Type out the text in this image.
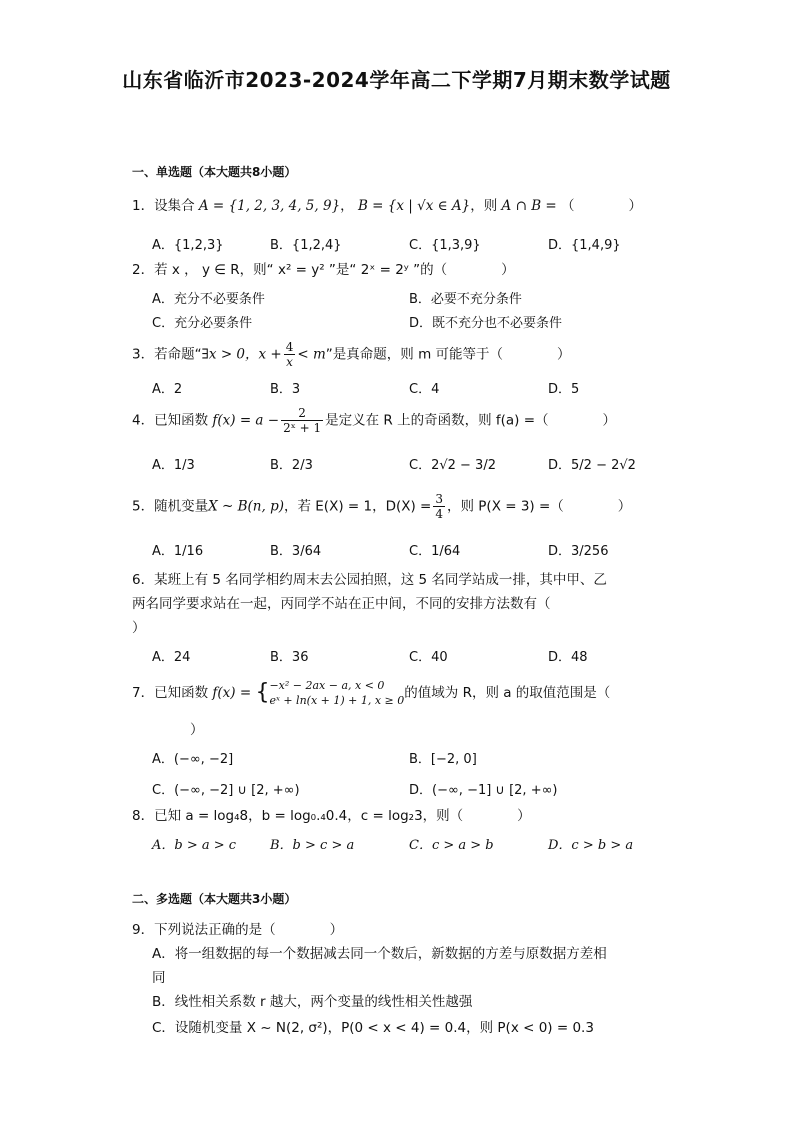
山东省临沂市2023-2024学年高二下学期7月期末数学试题
一、单选题（本大题共8小题）
1．设集合 A = {1, 2, 3, 4, 5, 9}， B = {x | √x ∈ A}，则 A ∩ B = （　　　　）
A．{1,2,3}	B．{1,2,4}	C．{1,3,9}	D．{1,4,9}
2．若 x ， y ∈ R，则“ x² = y² ”是“ 2ˣ = 2ʸ ”的（　　　　）
A．充分不必要条件	B．必要不充分条件
C．充分必要条件	D．既不充分也不必要条件
3．若命题“∃x > 0，$x + \frac{4}{x} < m$”是真命题，则 m 可能等于（　　　　）
A．2	B．3	C．4	D．5
4．已知函数 $f(x) = a - \frac{2}{\text{2ˣ + 1}}$ 是定义在 R 上的奇函数，则 f(a) =（　　　　）
A．1/3	B．2/3	C．2√2 − 3/2	D．5/2 − 2√2
5．随机变量X ~ B(n, p)，若 E(X) = 1，$D(X) = \frac{3}{4}$ ，则 P(X = 3) =（　　　　）
A．1/16	B．3/64	C．1/64	D．3/256
6．某班上有 5 名同学相约周末去公园拍照，这 5 名同学站成一排，其中甲、乙
两名同学要求站在一起，丙同学不站在正中间，不同的安排方法数有（
）
A．24	B．36	C．40	D．48
7．已知函数 f(x) = { −x² − 2ax − a, x < 0
eˣ + ln(x + 1) + 1, x ≥ 0 的值域为 R，则 a 的取值范围是（
）
A．(−∞, −2]	B．[−2, 0]
C．(−∞, −2] ∪ [2, +∞)	D．(−∞, −1] ∪ [2, +∞)
8．已知 a = log₄8，b = log₀.₄0.4，c = log₂3，则（　　　　）
A．b > a > c	B．b > c > a	C．c > a > b	D．c > b > a
二、多选题（本大题共3小题）
9．下列说法正确的是（　　　　）
A．将一组数据的每一个数据减去同一个数后，新数据的方差与原数据方差相
同
B．线性相关系数 r 越大，两个变量的线性相关性越强
C．设随机变量 X ~ N(2, σ²)，P(0 < x < 4) = 0.4，则 P(x < 0) = 0.3
